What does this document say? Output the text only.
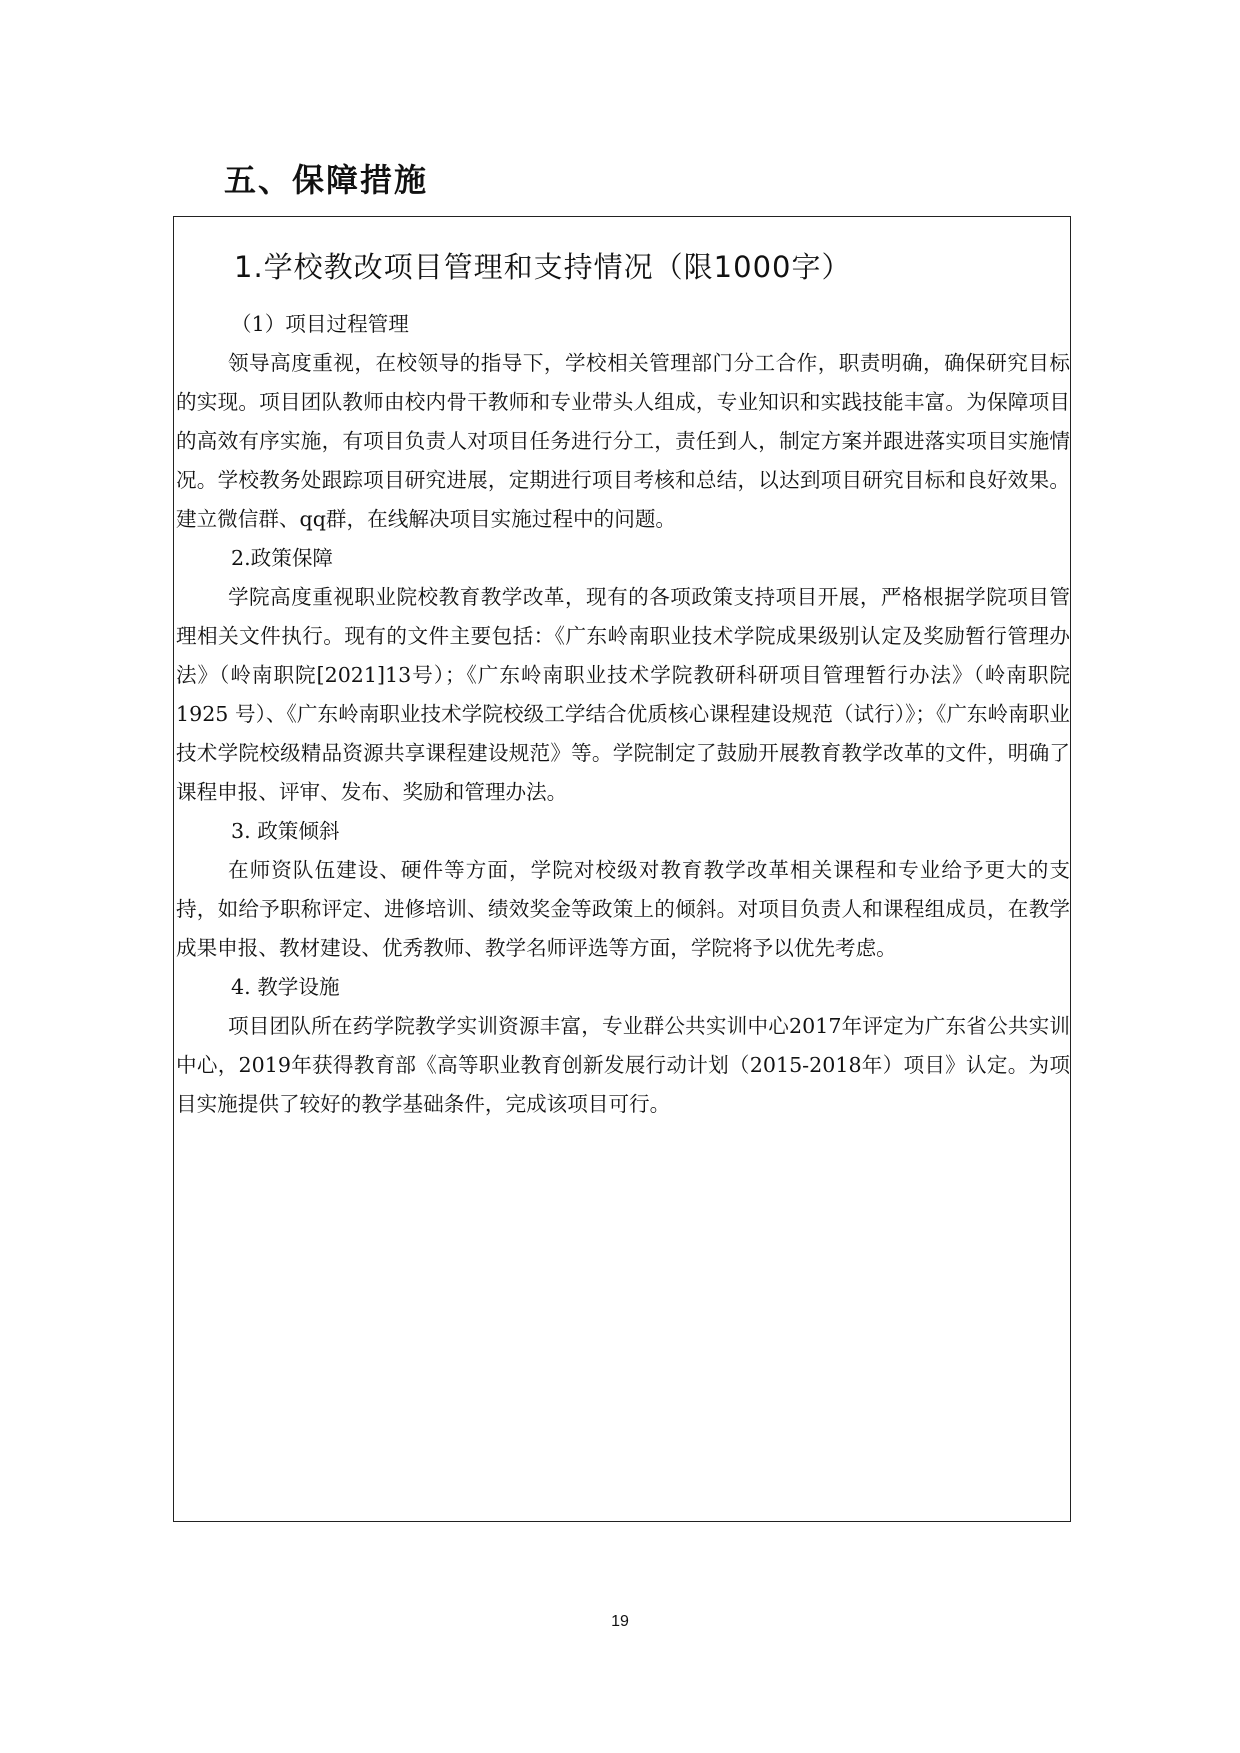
五、保障措施
1.学校教改项目管理和支持情况（限1000字）

（1）项目过程管理

领导高度重视，在校领导的指导下，学校相关管理部门分工合作，职责明确，确保研究目标的实现。项目团队教师由校内骨干教师和专业带头人组成，专业知识和实践技能丰富。为保障项目的高效有序实施，有项目负责人对项目任务进行分工，责任到人，制定方案并跟进落实项目实施情况。学校教务处跟踪项目研究进展，定期进行项目考核和总结，以达到项目研究目标和良好效果。建立微信群、qq群，在线解决项目实施过程中的问题。

2.政策保障

学院高度重视职业院校教育教学改革，现有的各项政策支持项目开展，严格根据学院项目管理相关文件执行。现有的文件主要包括：《广东岭南职业技术学院成果级别认定及奖励暂行管理办法》（岭南职院[2021]13号）；《广东岭南职业技术学院教研科研项目管理暂行办法》（岭南职院 1925 号）、《广东岭南职业技术学院校级工学结合优质核心课程建设规范（试行）》；《广东岭南职业技术学院校级精品资源共享课程建设规范》等。学院制定了鼓励开展教育教学改革的文件，明确了课程申报、评审、发布、奖励和管理办法。

3. 政策倾斜

在师资队伍建设、硬件等方面，学院对校级对教育教学改革相关课程和专业给予更大的支持，如给予职称评定、进修培训、绩效奖金等政策上的倾斜。对项目负责人和课程组成员，在教学成果申报、教材建设、优秀教师、教学名师评选等方面，学院将予以优先考虑。

4. 教学设施

项目团队所在药学院教学实训资源丰富，专业群公共实训中心2017年评定为广东省公共实训中心，2019年获得教育部《高等职业教育创新发展行动计划（2015-2018年）项目》认定。为项目实施提供了较好的教学基础条件，完成该项目可行。

19
